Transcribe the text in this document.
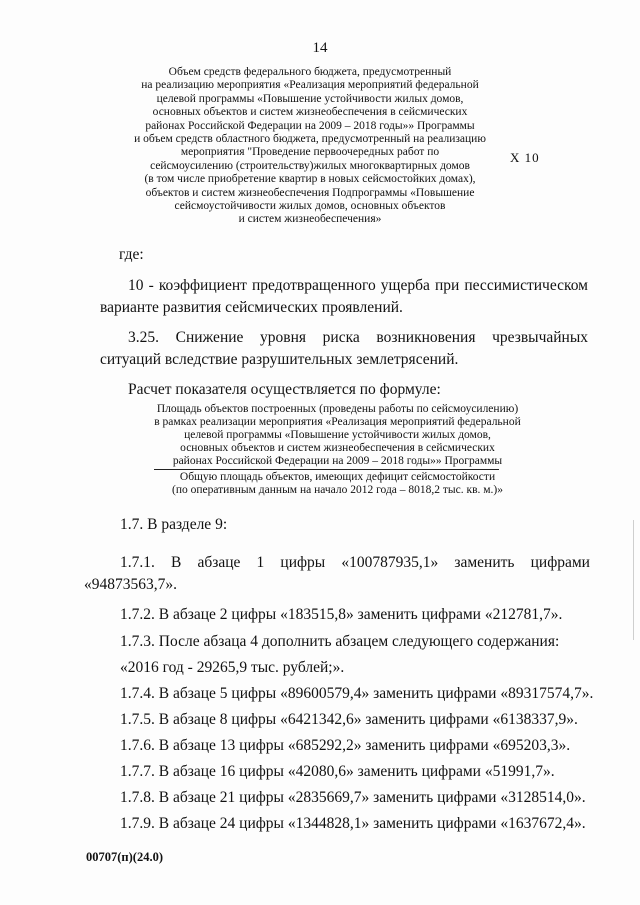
14
Объем средств федерального бюджета, предусмотренный
на реализацию мероприятия «Реализация мероприятий федеральной
целевой программы «Повышение устойчивости жилых домов,
основных объектов и систем жизнеобеспечения в сейсмических
районах Российской Федерации на 2009 – 2018 годы»» Программы
и объем средств областного бюджета, предусмотренный на реализацию
мероприятия "Проведение первоочередных работ по
сейсмоусилению (строительству)жилых многоквартирных домов
(в том числе приобретение квартир в новых сейсмостойких домах),
объектов и систем жизнеобеспечения Подпрограммы «Повышение
сейсмоустойчивости жилых домов, основных объектов
и систем жизнеобеспечения»
Х 10
где:
10 - коэффициент предотвращенного ущерба при пессимистическом варианте развития сейсмических проявлений.
3.25. Снижение уровня риска возникновения чрезвычайных ситуаций вследствие разрушительных землетрясений.
Расчет показателя осуществляется по формуле:
Площадь объектов построенных (проведены работы по сейсмоусилению)
в рамках реализации мероприятия «Реализация мероприятий федеральной
целевой программы «Повышение устойчивости жилых домов,
основных объектов и систем жизнеобеспечения в сейсмических
районах Российской Федерации на 2009 – 2018 годы»» Программы
Общую площадь объектов, имеющих дефицит сейсмостойкости
(по оперативным данным на начало 2012 года – 8018,2 тыс. кв. м.)»
1.7. В разделе 9:
1.7.1. В абзаце 1 цифры «100787935,1» заменить цифрами
«94873563,7».
1.7.2. В абзаце 2 цифры «183515,8» заменить цифрами «212781,7».
1.7.3. После абзаца 4 дополнить абзацем следующего содержания:
«2016 год - 29265,9 тыс. рублей;».
1.7.4. В абзаце 5 цифры «89600579,4» заменить цифрами «89317574,7».
1.7.5. В абзаце 8 цифры «6421342,6» заменить цифрами «6138337,9».
1.7.6. В абзаце 13 цифры «685292,2» заменить цифрами «695203,3».
1.7.7. В абзаце 16 цифры «42080,6» заменить цифрами «51991,7».
1.7.8. В абзаце 21 цифры «2835669,7» заменить цифрами «3128514,0».
1.7.9. В абзаце 24 цифры «1344828,1» заменить цифрами «1637672,4».
00707(п)(24.0)
